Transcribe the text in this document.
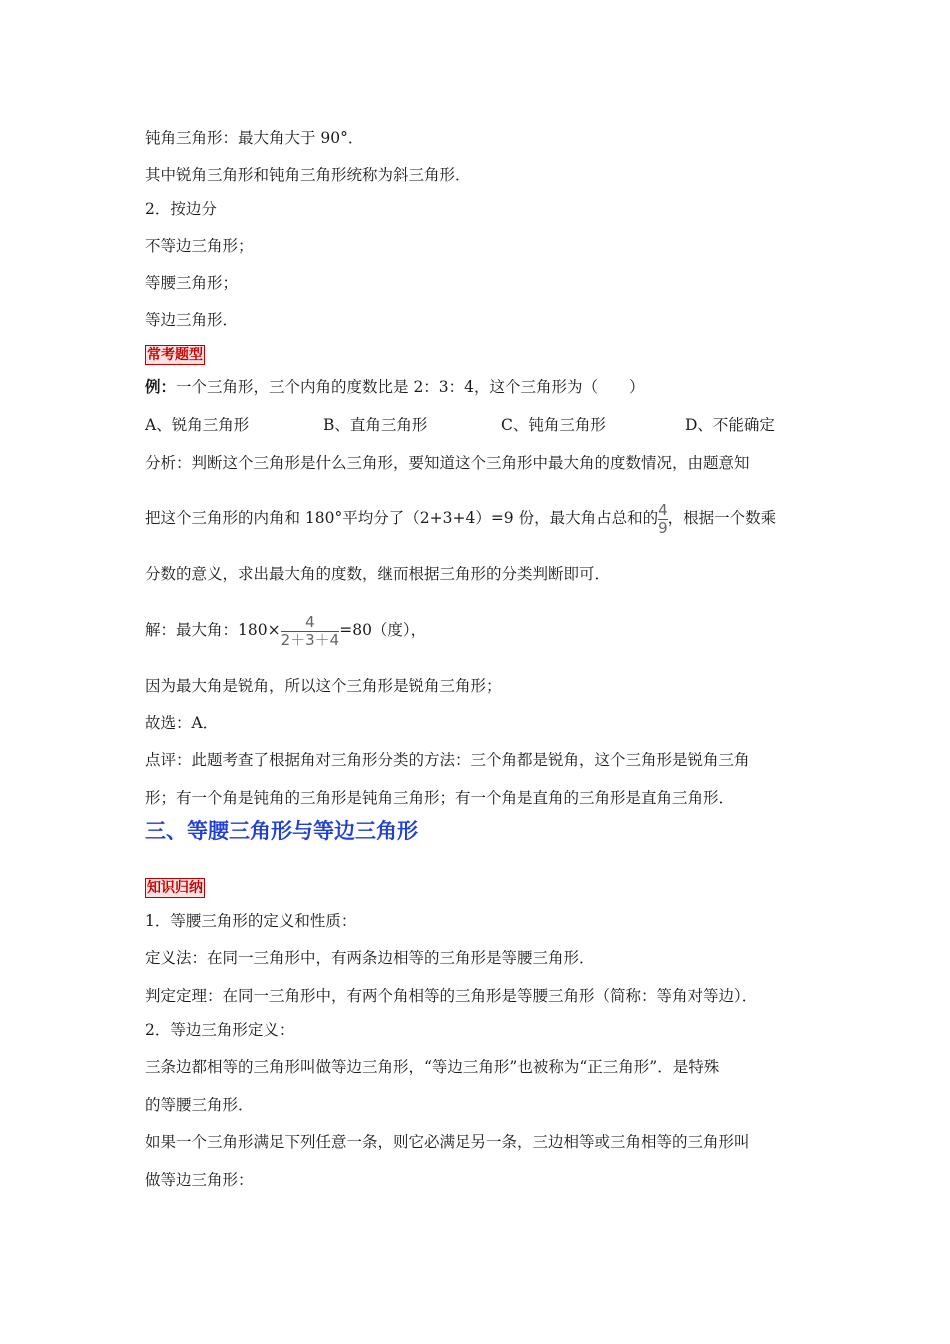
钝角三角形：最大角大于 90°．
其中锐角三角形和钝角三角形统称为斜三角形．
2．按边分
不等边三角形；
等腰三角形；
等边三角形．
常考题型
例：一个三角形，三个内角的度数比是 2：3：4，这个三角形为（　　）
A、锐角三角形	B、直角三角形	C、钝角三角形	D、不能确定
分析：判断这个三角形是什么三角形，要知道这个三角形中最大角的度数情况，由题意知
把这个三角形的内角和 180°平均分了（2+3+4）=9 份，最大角占总和的 $\frac{4}{9}$ ，根据一个数乘
分数的意义，求出最大角的度数，继而根据三角形的分类判断即可．
解：最大角：$180\times \frac{4}{2+3+4} =80$（度），
因为最大角是锐角，所以这个三角形是锐角三角形；
故选：A．
点评：此题考查了根据角对三角形分类的方法：三个角都是锐角，这个三角形是锐角三角
形；有一个角是钝角的三角形是钝角三角形；有一个角是直角的三角形是直角三角形．
三、等腰三角形与等边三角形
知识归纳
1．等腰三角形的定义和性质：
定义法：在同一三角形中，有两条边相等的三角形是等腰三角形．
判定定理：在同一三角形中，有两个角相等的三角形是等腰三角形（简称：等角对等边）．
2．等边三角形定义：
三条边都相等的三角形叫做等边三角形，“等边三角形”也被称为“正三角形”．是特殊
的等腰三角形．
如果一个三角形满足下列任意一条，则它必满足另一条，三边相等或三角相等的三角形叫
做等边三角形：
